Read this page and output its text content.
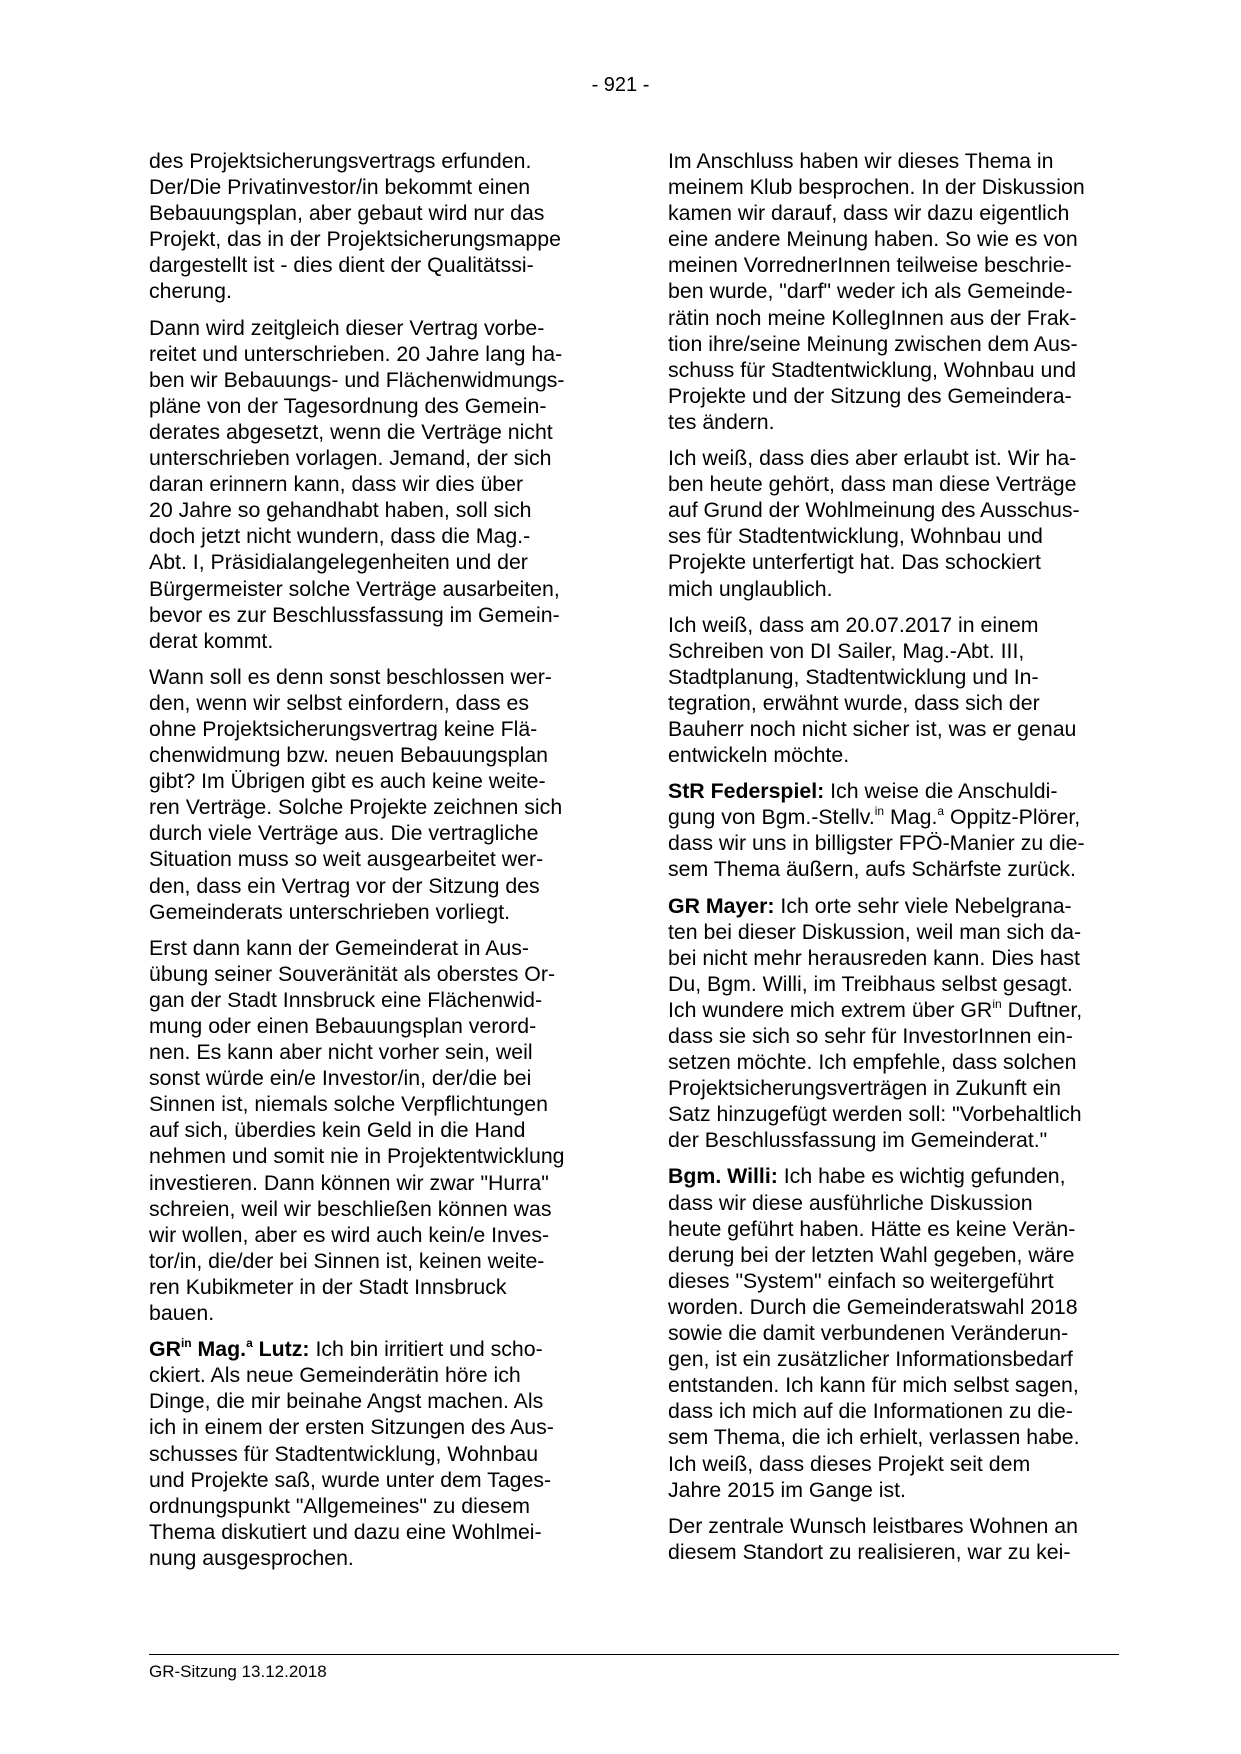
- 921 -

des Projektsicherungsvertrags erfunden.
Der/Die Privatinvestor/in bekommt einen
Bebauungsplan, aber gebaut wird nur das
Projekt, das in der Projektsicherungsmappe
dargestellt ist - dies dient der Qualitätssi-
cherung.

Dann wird zeitgleich dieser Vertrag vorbe-
reitet und unterschrieben. 20 Jahre lang ha-
ben wir Bebauungs- und Flächenwidmungs-
pläne von der Tagesordnung des Gemein-
derates abgesetzt, wenn die Verträge nicht
unterschrieben vorlagen. Jemand, der sich
daran erinnern kann, dass wir dies über
20 Jahre so gehandhabt haben, soll sich
doch jetzt nicht wundern, dass die Mag.-
Abt. I, Präsidialangelegenheiten und der
Bürgermeister solche Verträge ausarbeiten,
bevor es zur Beschlussfassung im Gemein-
derat kommt.

Wann soll es denn sonst beschlossen wer-
den, wenn wir selbst einfordern, dass es
ohne Projektsicherungsvertrag keine Flä-
chenwidmung bzw. neuen Bebauungsplan
gibt? Im Übrigen gibt es auch keine weite-
ren Verträge. Solche Projekte zeichnen sich
durch viele Verträge aus. Die vertragliche
Situation muss so weit ausgearbeitet wer-
den, dass ein Vertrag vor der Sitzung des
Gemeinderats unterschrieben vorliegt.

Erst dann kann der Gemeinderat in Aus-
übung seiner Souveränität als oberstes Or-
gan der Stadt Innsbruck eine Flächenwid-
mung oder einen Bebauungsplan verord-
nen. Es kann aber nicht vorher sein, weil
sonst würde ein/e Investor/in, der/die bei
Sinnen ist, niemals solche Verpflichtungen
auf sich, überdies kein Geld in die Hand
nehmen und somit nie in Projektentwicklung
investieren. Dann können wir zwar "Hurra"
schreien, weil wir beschließen können was
wir wollen, aber es wird auch kein/e Inves-
tor/in, die/der bei Sinnen ist, keinen weite-
ren Kubikmeter in der Stadt Innsbruck
bauen.

$GR^{in}$ Mag.$^a$ Lutz: Ich bin irritiert und scho-
ckiert. Als neue Gemeinderätin höre ich
Dinge, die mir beinahe Angst machen. Als
ich in einem der ersten Sitzungen des Aus-
schusses für Stadtentwicklung, Wohnbau
und Projekte saß, wurde unter dem Tages-
ordnungspunkt "Allgemeines" zu diesem
Thema diskutiert und dazu eine Wohlmei-
nung ausgesprochen.

Im Anschluss haben wir dieses Thema in
meinem Klub besprochen. In der Diskussion
kamen wir darauf, dass wir dazu eigentlich
eine andere Meinung haben. So wie es von
meinen VorrednerInnen teilweise beschrie-
ben wurde, "darf" weder ich als Gemeinde-
rätin noch meine KollegInnen aus der Frak-
tion ihre/seine Meinung zwischen dem Aus-
schuss für Stadtentwicklung, Wohnbau und
Projekte und der Sitzung des Gemeindera-
tes ändern.

Ich weiß, dass dies aber erlaubt ist. Wir ha-
ben heute gehört, dass man diese Verträge
auf Grund der Wohlmeinung des Ausschus-
ses für Stadtentwicklung, Wohnbau und
Projekte unterfertigt hat. Das schockiert
mich unglaublich.

Ich weiß, dass am 20.07.2017 in einem
Schreiben von DI Sailer, Mag.-Abt. III,
Stadtplanung, Stadtentwicklung und In-
tegration, erwähnt wurde, dass sich der
Bauherr noch nicht sicher ist, was er genau
entwickeln möchte.

StR Federspiel: Ich weise die Anschuldi-
gung von Bgm.-Stellv.$^{in}$ Mag.$^a$ Oppitz-Plörer,
dass wir uns in billigster FPÖ-Manier zu die-
sem Thema äußern, aufs Schärfste zurück.

GR Mayer: Ich orte sehr viele Nebelgrana-
ten bei dieser Diskussion, weil man sich da-
bei nicht mehr herausreden kann. Dies hast
Du, Bgm. Willi, im Treibhaus selbst gesagt.
Ich wundere mich extrem über $GR^{in}$ Duftner,
dass sie sich so sehr für InvestorInnen ein-
setzen möchte. Ich empfehle, dass solchen
Projektsicherungsverträgen in Zukunft ein
Satz hinzugefügt werden soll: "Vorbehaltlich
der Beschlussfassung im Gemeinderat."

Bgm. Willi: Ich habe es wichtig gefunden,
dass wir diese ausführliche Diskussion
heute geführt haben. Hätte es keine Verän-
derung bei der letzten Wahl gegeben, wäre
dieses "System" einfach so weitergeführt
worden. Durch die Gemeinderatswahl 2018
sowie die damit verbundenen Veränderun-
gen, ist ein zusätzlicher Informationsbedarf
entstanden. Ich kann für mich selbst sagen,
dass ich mich auf die Informationen zu die-
sem Thema, die ich erhielt, verlassen habe.
Ich weiß, dass dieses Projekt seit dem
Jahre 2015 im Gange ist.

Der zentrale Wunsch leistbares Wohnen an
diesem Standort zu realisieren, war zu kei-

GR-Sitzung 13.12.2018
